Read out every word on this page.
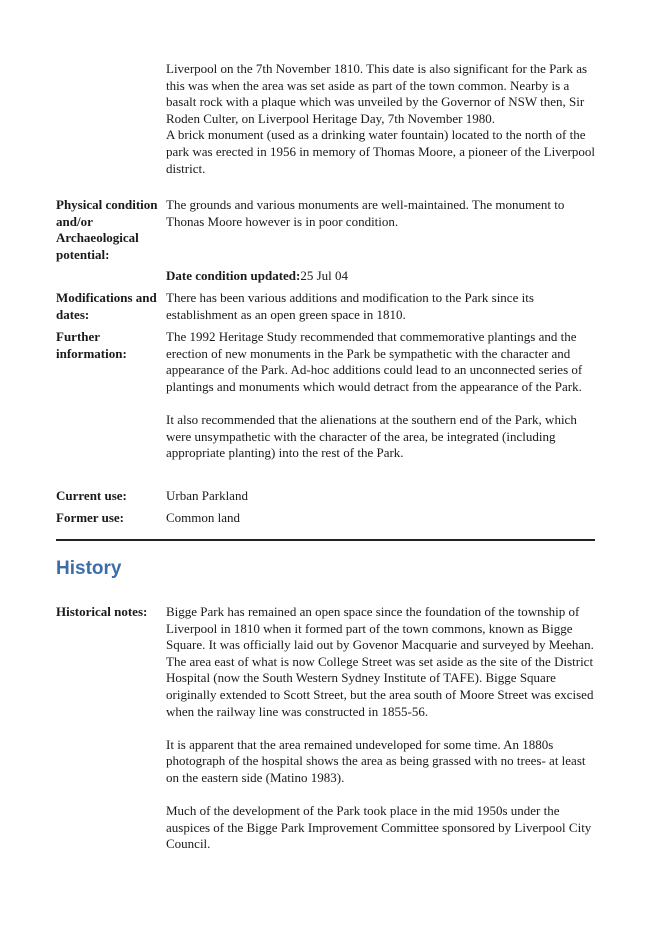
Liverpool on the 7th November 1810. This date is also significant for the Park as this was when the area was set aside as part of the town common. Nearby is a basalt rock with a plaque which was unveiled by the Governor of NSW then, Sir Roden Culter, on Liverpool Heritage Day, 7th November 1980.

A brick monument (used as a drinking water fountain) located to the north of the park was erected in 1956 in memory of Thomas Moore, a pioneer of the Liverpool district.

Physical condition and/or Archaeological potential:

The grounds and various monuments are well-maintained. The monument to Thonas Moore however is in poor condition.

Date condition updated:25 Jul 04

Modifications and dates:

There has been various additions and modification to the Park since its establishment as an open green space in 1810.

Further information:

The 1992 Heritage Study recommended that commemorative plantings and the erection of new monuments in the Park be sympathetic with the character and appearance of the Park. Ad-hoc additions could lead to an unconnected series of plantings and monuments which would detract from the appearance of the Park.

It also recommended that the alienations at the southern end of the Park, which were unsympathetic with the character of the area, be integrated (including appropriate planting) into the rest of the Park.

Current use:	Urban Parkland
Former use:	Common land
History
Historical notes:	Bigge Park has remained an open space since the foundation of the township of Liverpool in 1810 when it formed part of the town commons, known as Bigge Square. It was officially laid out by Govenor Macquarie and surveyed by Meehan. The area east of what is now College Street was set aside as the site of the District Hospital (now the South Western Sydney Institute of TAFE). Bigge Square originally extended to Scott Street, but the area south of Moore Street was excised when the railway line was constructed in 1855-56.

It is apparent that the area remained undeveloped for some time. An 1880s photograph of the hospital shows the area as being grassed with no trees- at least on the eastern side (Matino 1983).

Much of the development of the Park took place in the mid 1950s under the auspices of the Bigge Park Improvement Committee sponsored by Liverpool City Council.
